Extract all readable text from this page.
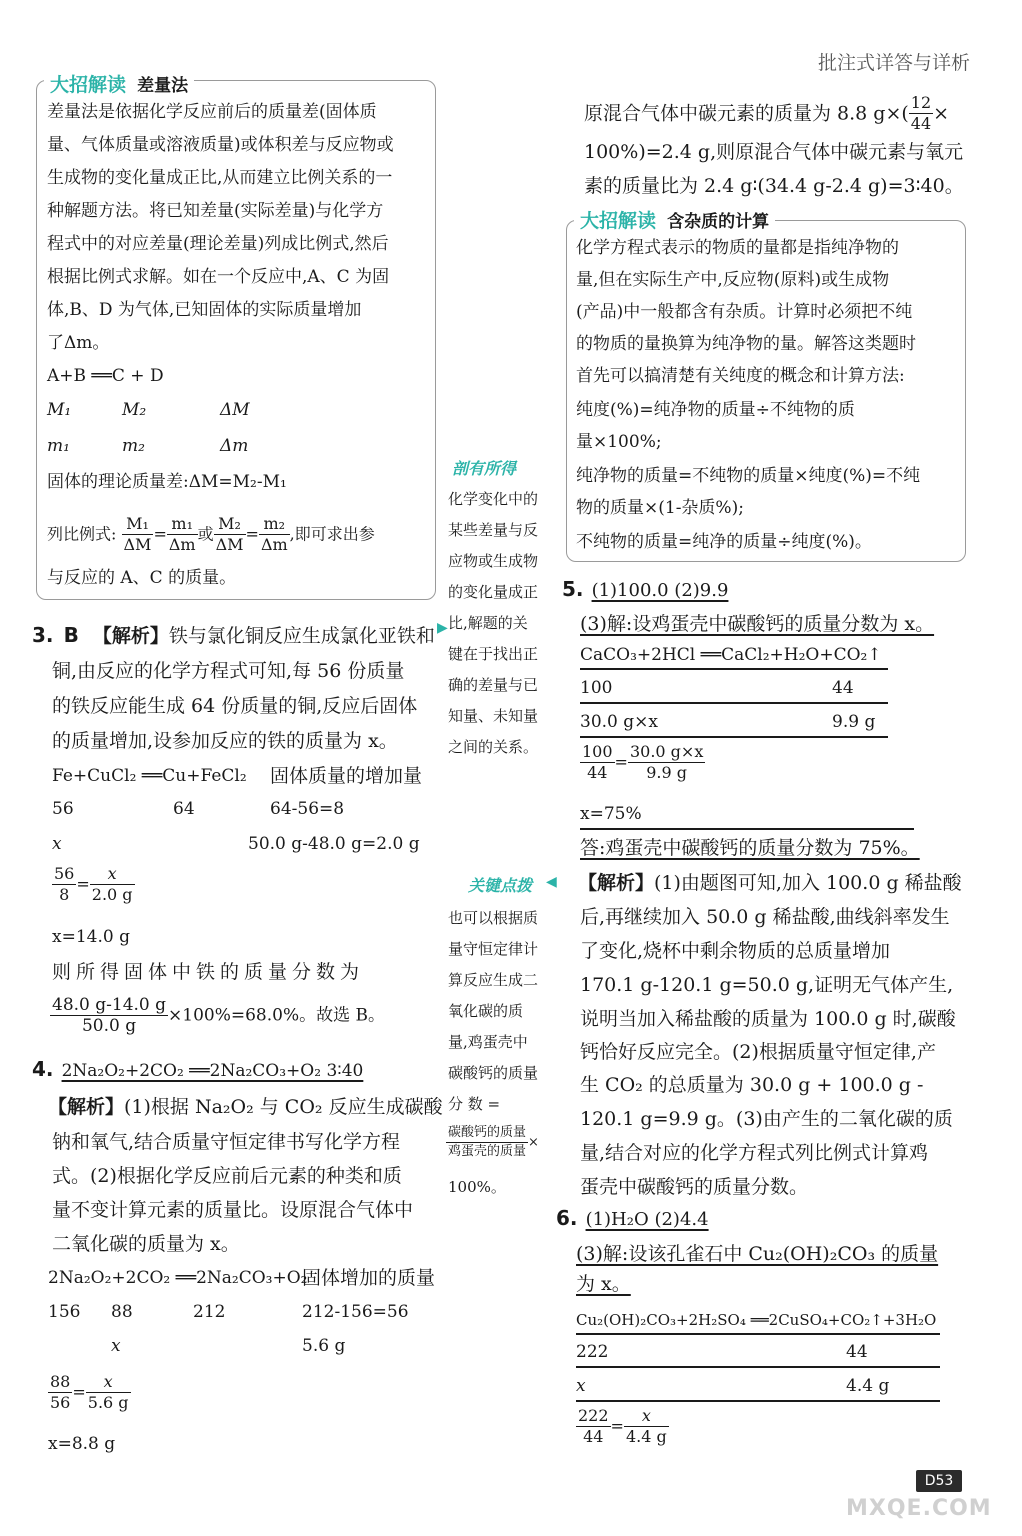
批注式详答与详析
大招解读 差量法
差量法是依据化学反应前后的质量差(固体质
量、气体质量或溶液质量)或体积差与反应物或
生成物的变化量成正比,从而建立比例关系的一
种解题方法。将已知差量(实际差量)与化学方
程式中的对应差量(理论差量)列成比例式,然后
根据比例式求解。如在一个反应中,A、C 为固
体,B、D 为气体,已知固体的实际质量增加
了Δm。
A+B ══C + D
M₁	M₂	ΔM
m₁	m₂	Δm
固体的理论质量差:ΔM=M₂-M₁
列比例式: $\frac{\text{M₁}}{\Delta M} = \frac{\text{m₁}}{\Delta m}$ 或 $\frac{\text{M₂}}{\Delta M} = \frac{\text{m₂}}{\Delta m}$ ,即可求出参
与反应的 A、C 的质量。
剖有所得
化学变化中的
某些差量与反
应物或生成物
的变化量成正
比,解题的关
键在于找出正
确的差量与已
知量、未知量
之间的关系。
▶
关键点拨 ◀
也可以根据质
量守恒定律计
算反应生成二
氧化碳的质
量,鸡蛋壳中
碳酸钙的质量
分 数 =
$\frac{\text{碳酸钙的质量}}{\text{鸡蛋壳的质量}}$ ×
100%。
3. B 【解析】铁与氯化铜反应生成氯化亚铁和
铜,由反应的化学方程式可知,每 56 份质量
的铁反应能生成 64 份质量的铜,反应后固体
的质量增加,设参加反应的铁的质量为 x。
Fe+CuCl₂ ══Cu+FeCl₂ 固体质量的增加量
56	64	64-56=8
x	50.0 g-48.0 g=2.0 g
$\frac{56}{8} = \frac{x}{2.0 g}$
x=14.0 g
则所得固体中铁的质量分数为
$\frac{48.0 g-14.0 g}{50.0 g} \times 100\%=68.0\%$。故选 B。
4. 2Na₂O₂+2CO₂ ══2Na₂CO₃+O₂ 3∶40
【解析】(1)根据 Na₂O₂ 与 CO₂ 反应生成碳酸
钠和氧气,结合质量守恒定律书写化学方程
式。(2)根据化学反应前后元素的种类和质
量不变计算元素的质量比。设原混合气体中
二氧化碳的质量为 x。
2Na₂O₂+2CO₂ ══2Na₂CO₃+O₂
固体增加的质量
156 88	212	212-156=56
x	5.6 g
$\frac{88}{56} = \frac{x}{5.6 g}$
x=8.8 g
原混合气体中碳元素的质量为 8.8 $g\times( \frac{12}{44}$ ×
100%)=2.4 g,则原混合气体中碳元素与氧元
素的质量比为 2.4 g∶(34.4 g-2.4 g)=3∶40。
大招解读 含杂质的计算
化学方程式表示的物质的量都是指纯净物的
量,但在实际生产中,反应物(原料)或生成物
(产品)中一般都含有杂质。计算时必须把不纯
的物质的量换算为纯净物的量。解答这类题时
首先可以搞清楚有关纯度的概念和计算方法:
纯度(%)=纯净物的质量÷不纯物的质
量×100%;
纯净物的质量=不纯物的质量×纯度(%)=不纯
物的质量×(1-杂质%);
不纯物的质量=纯净的质量÷纯度(%)。
5. (1)100.0 (2)9.9
(3)解:设鸡蛋壳中碳酸钙的质量分数为 x。
CaCO₃+2HCl ══CaCl₂+H₂O+CO₂↑
100	44
30.0 g×x	9.9 g
$\frac{100}{44} = \frac{30.0 g\times x}{9.9 g}$
x=75%
答:鸡蛋壳中碳酸钙的质量分数为 75%。
【解析】(1)由题图可知,加入 100.0 g 稀盐酸
后,再继续加入 50.0 g 稀盐酸,曲线斜率发生
了变化,烧杯中剩余物质的总质量增加
170.1 g-120.1 g=50.0 g,证明无气体产生,
说明当加入稀盐酸的质量为 100.0 g 时,碳酸
钙恰好反应完全。(2)根据质量守恒定律,产
生 CO₂ 的总质量为 30.0 g + 100.0 g -
120.1 g=9.9 g。(3)由产生的二氧化碳的质
量,结合对应的化学方程式列比例式计算鸡
蛋壳中碳酸钙的质量分数。
6. (1)H₂O (2)4.4
(3)解:设该孔雀石中 Cu₂(OH)₂CO₃ 的质量
为 x。
Cu₂(OH)₂CO₃+2H₂SO₄ ══2CuSO₄+CO₂↑+3H₂O
222	44
x	4.4 g
$\frac{222}{44} = \frac{x}{4.4 g}$
D53
MXQE.COM
